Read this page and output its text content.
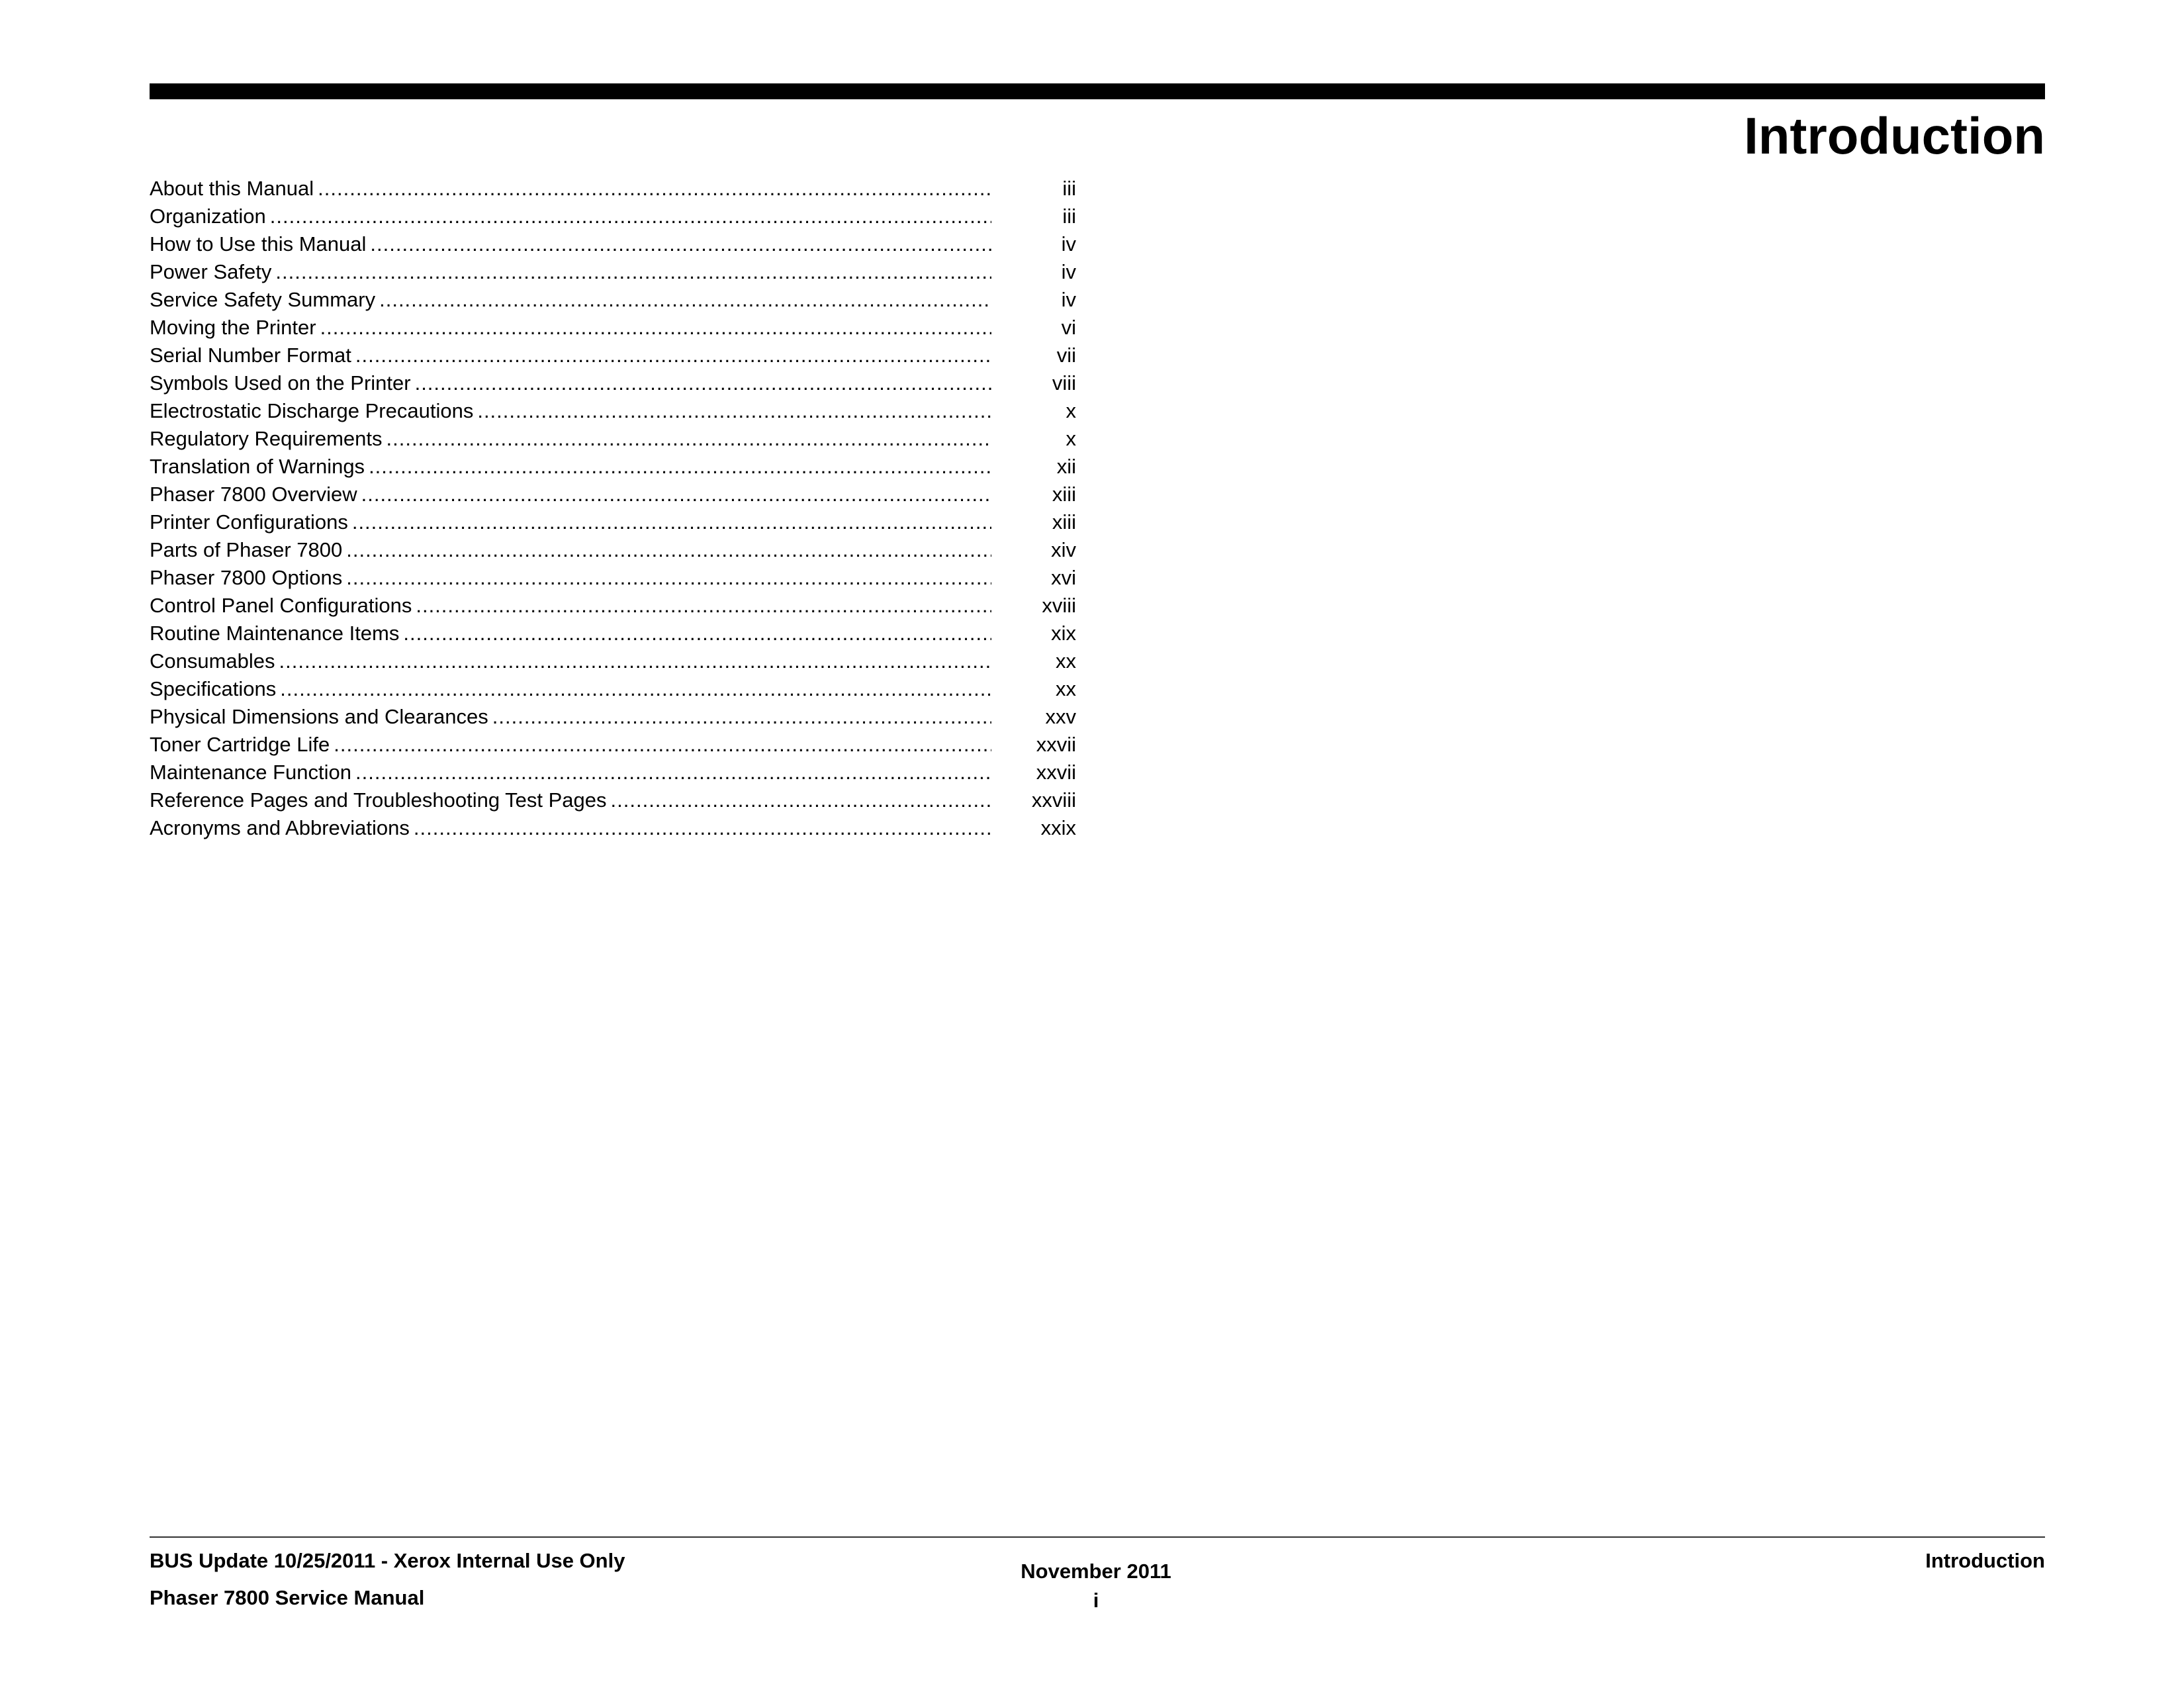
Introduction
About this Manual .....	iii
Organization .....	iii
How to Use this Manual .....	iv
Power Safety .....	iv
Service Safety Summary .....	iv
Moving the Printer .....	vi
Serial Number Format .....	vii
Symbols Used on the Printer .....	viii
Electrostatic Discharge Precautions .....	x
Regulatory Requirements .....	x
Translation of Warnings .....	xii
Phaser 7800 Overview .....	xiii
Printer Configurations .....	xiii
Parts of Phaser 7800 .....	xiv
Phaser 7800 Options .....	xvi
Control Panel Configurations .....	xviii
Routine Maintenance Items .....	xix
Consumables .....	xx
Specifications .....	xx
Physical Dimensions and Clearances .....	xxv
Toner Cartridge Life .....	xxvii
Maintenance Function .....	xxvii
Reference Pages and Troubleshooting Test Pages .....	xxviii
Acronyms and Abbreviations .....	xxix
BUS Update 10/25/2011 - Xerox Internal Use Only
Phaser 7800 Service Manual
November 2011
i
Introduction
